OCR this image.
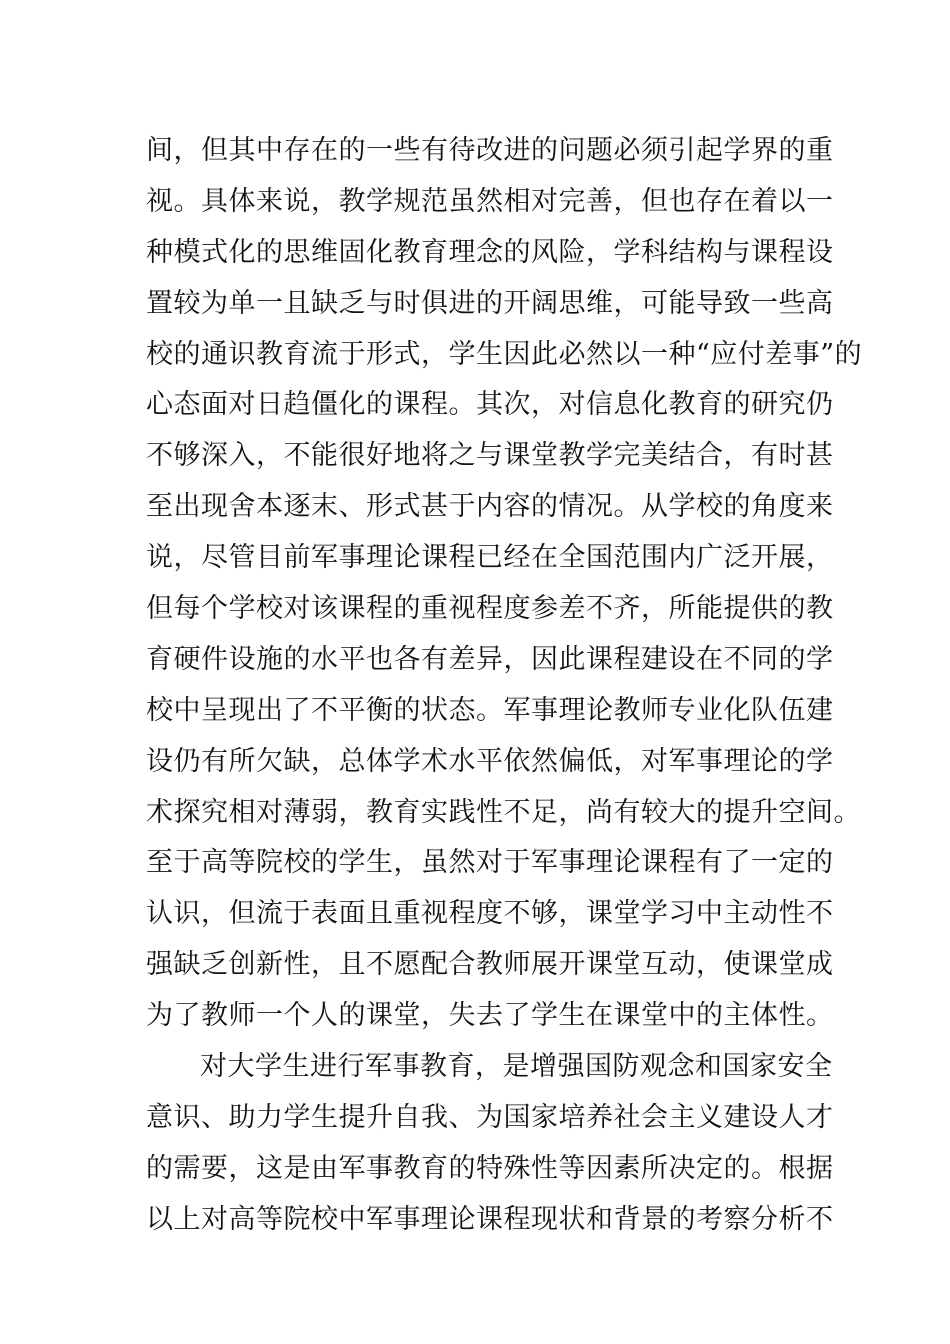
间，但其中存在的一些有待改进的问题必须引起学界的重
视。具体来说，教学规范虽然相对完善，但也存在着以一
种模式化的思维固化教育理念的风险，学科结构与课程设
置较为单一且缺乏与时俱进的开阔思维，可能导致一些高
校的通识教育流于形式，学生因此必然以一种“应付差事”的
心态面对日趋僵化的课程。其次，对信息化教育的研究仍
不够深入，不能很好地将之与课堂教学完美结合，有时甚
至出现舍本逐末、形式甚于内容的情况。从学校的角度来
说，尽管目前军事理论课程已经在全国范围内广泛开展，
但每个学校对该课程的重视程度参差不齐，所能提供的教
育硬件设施的水平也各有差异，因此课程建设在不同的学
校中呈现出了不平衡的状态。军事理论教师专业化队伍建
设仍有所欠缺，总体学术水平依然偏低，对军事理论的学
术探究相对薄弱，教育实践性不足，尚有较大的提升空间。
至于高等院校的学生，虽然对于军事理论课程有了一定的
认识，但流于表面且重视程度不够，课堂学习中主动性不
强缺乏创新性，且不愿配合教师展开课堂互动，使课堂成
为了教师一个人的课堂，失去了学生在课堂中的主体性。
对大学生进行军事教育，是增强国防观念和国家安全
意识、助力学生提升自我、为国家培养社会主义建设人才
的需要，这是由军事教育的特殊性等因素所决定的。根据
以上对高等院校中军事理论课程现状和背景的考察分析不
